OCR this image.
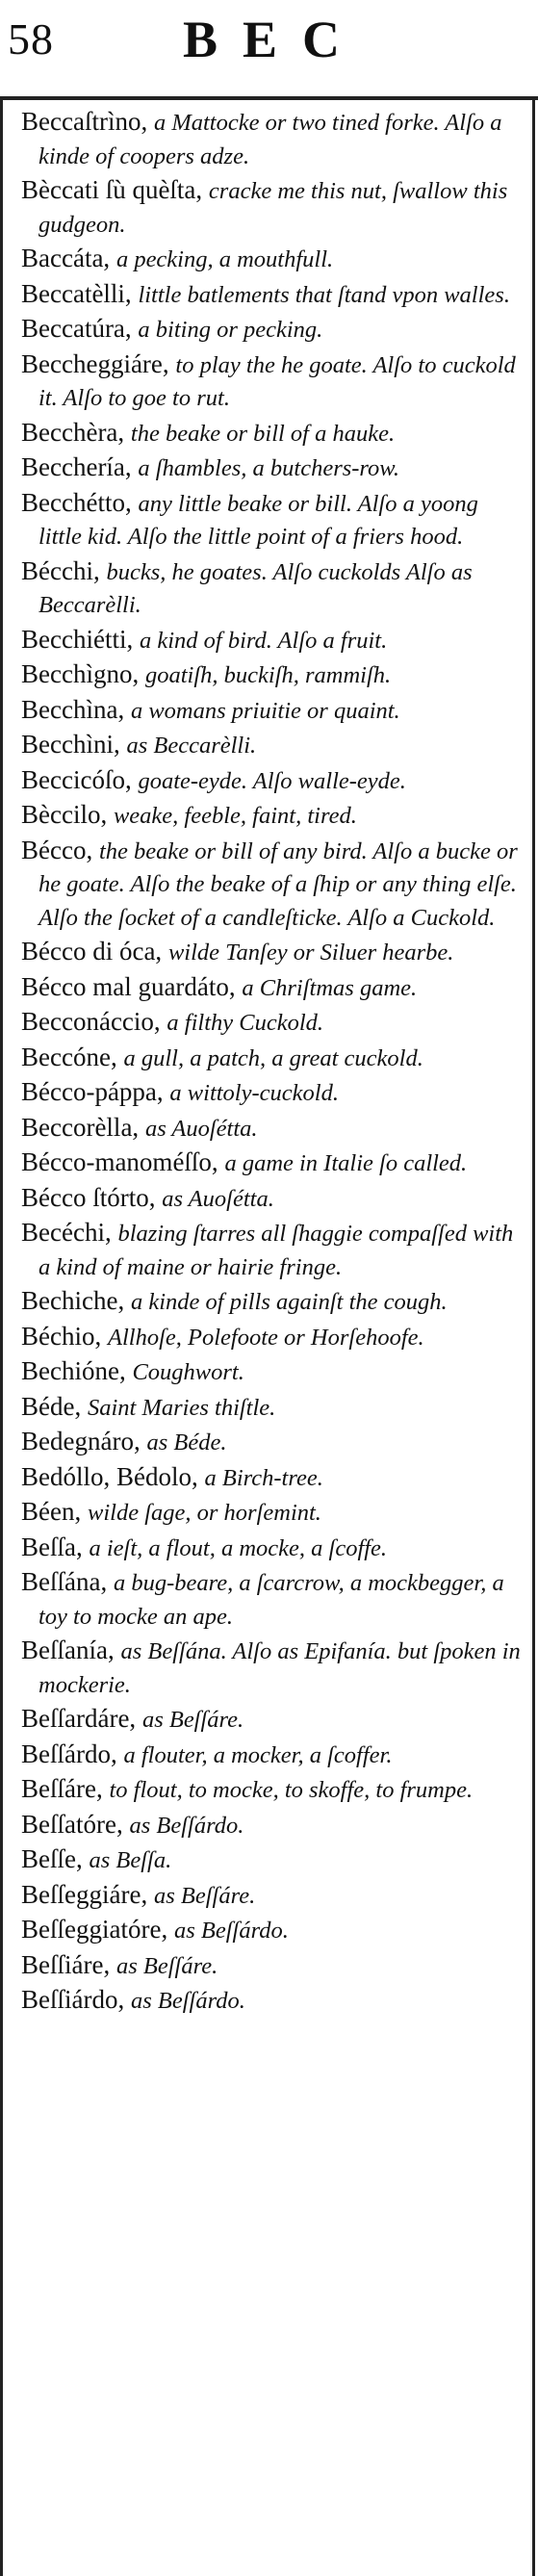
58 BEC

Beccaſtrìno, a Mattocke or two tined forke. Alſo a kinde of coopers adze.

Bèccati ſù quèſta, cracke me this nut, ſwallow this gudgeon.

Baccáta, a pecking, a mouthfull.

Beccatèlli, little batlements that ſtand vpon walles.

Beccatúra, a biting or pecking.

Beccheggiáre, to play the he goate. Alſo to cuckold it. Alſo to goe to rut.

Becchèra, the beake or bill of a hauke.

Becchería, a ſhambles, a butchers-row.

Becchétto, any little beake or bill. Alſo a yoong little kid. Alſo the little point of a friers hood.

Bécchi, bucks, he goates. Alſo cuckolds Alſo as Beccarèlli.

Becchiétti, a kind of bird. Alſo a fruit.

Becchìgno, goatiſh, buckiſh, rammiſh.

Becchìna, a womans priuitie or quaint.

Becchìni, as Beccarèlli.

Beccicóſo, goate-eyde. Alſo walle-eyde.

Bèccilo, weake, feeble, faint, tired.

Bécco, the beake or bill of any bird. Alſo a bucke or he goate. Alſo the beake of a ſhip or any thing elſe. Alſo the ſocket of a candleſticke. Alſo a Cuckold.

Bécco di óca, wilde Tanſey or Siluer hearbe.

Bécco mal guardáto, a Chriſtmas game.

Becconáccio, a filthy Cuckold.

Beccóne, a gull, a patch, a great cuckold.

Bécco-páppa, a wittoly-cuckold.

Beccorèlla, as Auoſétta.

Bécco-manoméſſo, a game in Italie ſo called.

Bécco ſtórto, as Auoſétta.

Becéchi, blazing ſtarres all ſhaggie compaſſed with a kind of maine or hairie fringe.

Bechiche, a kinde of pills againſt the cough.

Béchio, Allhoſe, Polefoote or Horſehoofe.

Bechióne, Coughwort.

Béde, Saint Maries thiſtle.

Bedegnáro, as Béde.

Bedóllo, Bédolo, a Birch-tree.

Béen, wilde ſage, or horſemint.

Beſſa, a ieſt, a flout, a mocke, a ſcoffe.

Beſſána, a bug-beare, a ſcarcrow, a mockbegger, a toy to mocke an ape.

Beſſanía, as Beſſána. Alſo as Epifanía. but ſpoken in mockerie.

Beſſardáre, as Beſſáre.

Beſſárdo, a flouter, a mocker, a ſcoffer.

Beſſáre, to flout, to mocke, to skoffe, to frumpe.

Beſſatóre, as Beſſárdo.

Beſſe, as Beſſa.

Beſſeggiáre, as Beſſáre.

Beſſeggiatóre, as Beſſárdo.

Beſſiáre, as Beſſáre.

Beſſiárdo, as Beſſárdo.
